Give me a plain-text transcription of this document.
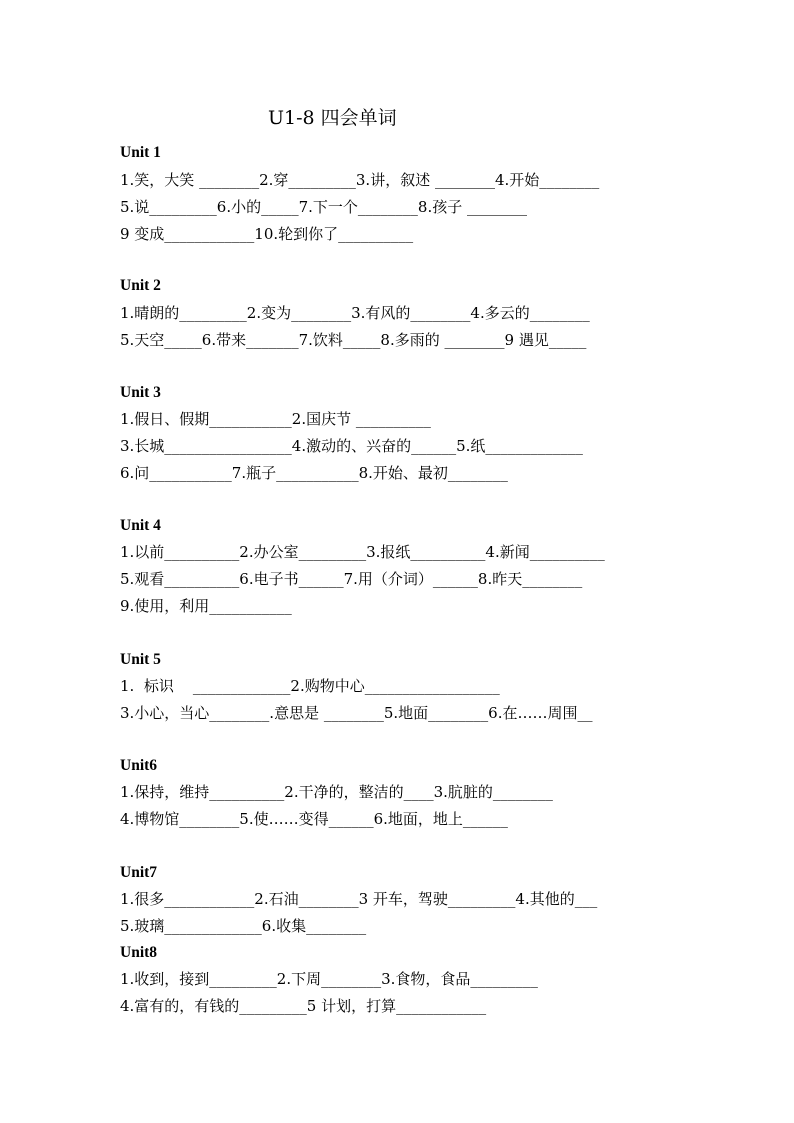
U1-8 四会单词
Unit 1
1.笑，大笑 ________2.穿_________3.讲，叙述 ________4.开始________
5.说_________6.小的_____7.下一个________8.孩子 ________
9 变成____________10.轮到你了__________
Unit 2
1.晴朗的_________2.变为________3.有风的________4.多云的________
5.天空_____6.带来_______7.饮料_____8.多雨的 ________9 遇见_____
Unit 3
1.假日、假期___________2.国庆节 __________
3.长城_________________4.激动的、兴奋的______5.纸_____________
6.问___________7.瓶子___________8.开始、最初________
Unit 4
1.以前__________2.办公室_________3.报纸__________4.新闻__________
5.观看__________6.电子书______7.用（介词）______8.昨天________
9.使用，利用___________
Unit 5
1.  标识    _____________2.购物中心__________________
3.小心，当心________.意思是 ________5.地面________6.在……周围__
Unit6
1.保持，维持__________2.干净的，整洁的____3.肮脏的________
4.博物馆________5.使……变得______6.地面，地上______
Unit7
1.很多____________2.石油________3 开车，驾驶_________4.其他的___
5.玻璃_____________6.收集________
Unit8
1.收到，接到_________2.下周________3.食物，食品_________
4.富有的，有钱的_________5 计划，打算____________
